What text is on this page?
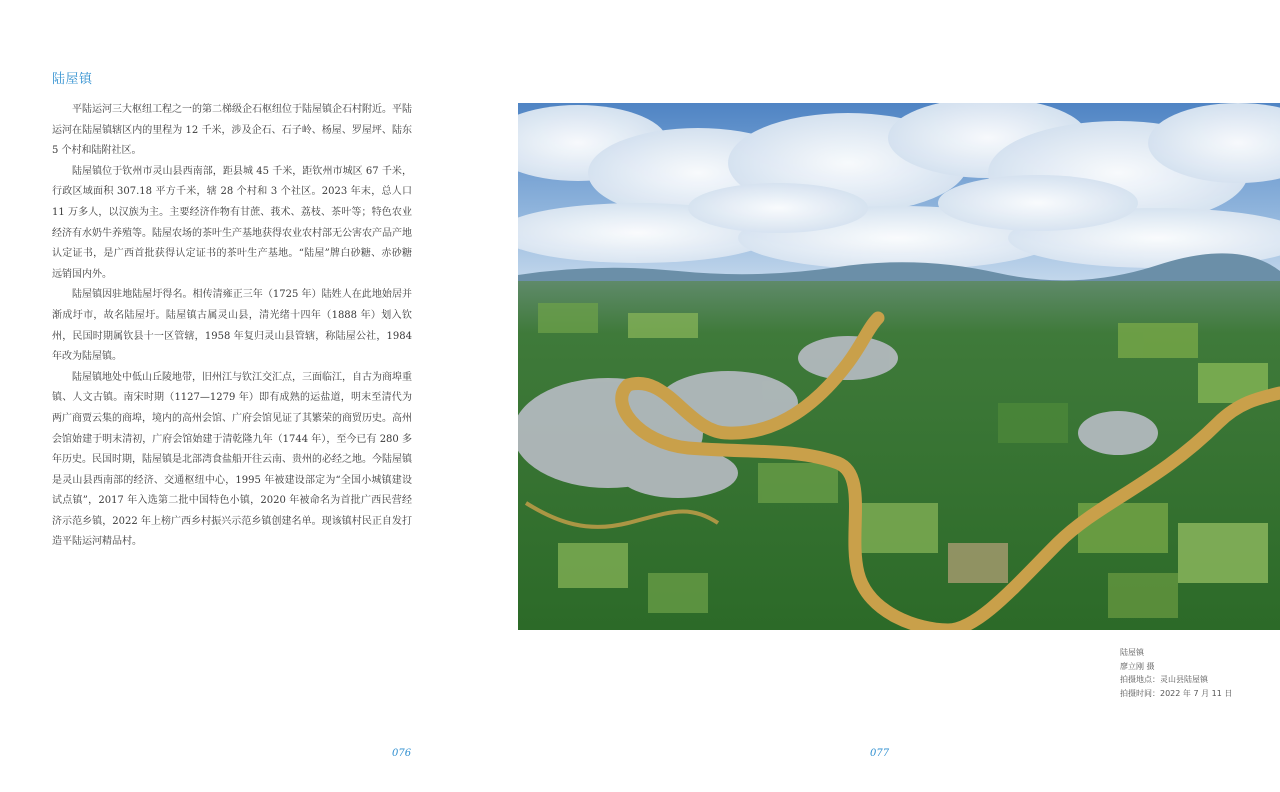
陆屋镇

平陆运河三大枢纽工程之一的第二梯级企石枢纽位于陆屋镇企石村附近。平陆运河在陆屋镇辖区内的里程为 12 千米，涉及企石、石子岭、杨屋、罗屋坪、陆东 5 个村和陆附社区。

陆屋镇位于钦州市灵山县西南部，距县城 45 千米，距钦州市城区 67 千米，行政区域面积 307.18 平方千米，辖 28 个村和 3 个社区。2023 年末，总人口 11 万多人，以汉族为主。主要经济作物有甘蔗、莪术、荔枝、茶叶等；特色农业经济有水奶牛养殖等。陆屋农场的茶叶生产基地获得农业农村部无公害农产品产地认定证书，是广西首批获得认定证书的茶叶生产基地。“陆屋”牌白砂糖、赤砂糖远销国内外。

陆屋镇因驻地陆屋圩得名。相传清雍正三年（1725 年）陆姓人在此地始居并渐成圩市，故名陆屋圩。陆屋镇古属灵山县，清光绪十四年（1888 年）划入钦州，民国时期属钦县十一区管辖，1958 年复归灵山县管辖，称陆屋公社，1984 年改为陆屋镇。

陆屋镇地处中低山丘陵地带，旧州江与钦江交汇点，三面临江，自古为商埠重镇、人文古镇。南宋时期（1127—1279 年）即有成熟的运盐道，明末至清代为两广商贾云集的商埠，境内的高州会馆、广府会馆见证了其繁荣的商贸历史。高州会馆始建于明末清初，广府会馆始建于清乾隆九年（1744 年），至今已有 280 多年历史。民国时期，陆屋镇是北部湾食盐船开往云南、贵州的必经之地。今陆屋镇是灵山县西南部的经济、交通枢纽中心，1995 年被建设部定为“全国小城镇建设试点镇”，2017 年入选第二批中国特色小镇，2020 年被命名为首批广西民营经济示范乡镇，2022 年上榜广西乡村振兴示范乡镇创建名单。现该镇村民正自发打造平陆运河精品村。

076	077
陆屋镇
廖立刚 摄
拍摄地点：灵山县陆屋镇
拍摄时间：2022 年 7 月 11 日
